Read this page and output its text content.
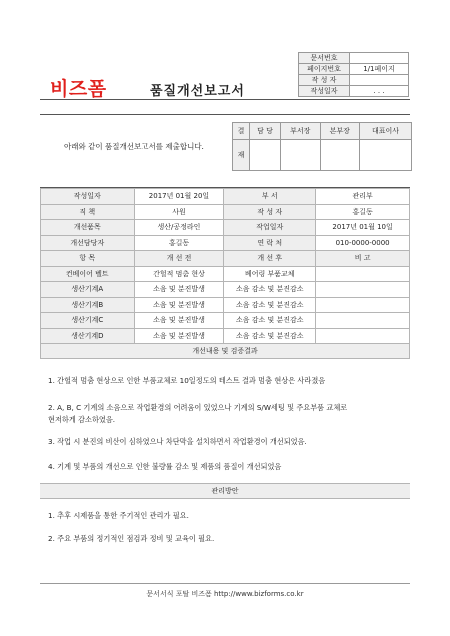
비즈폼	품질개선보고서
문서번호	
페이지번호	1/1페이지
작 성 자	
작성일자	. . .
아래와 같이 품질개선보고서를 제출합니다.
결	담 당	부서장	본부장	대표이사
재				
작성일자	2017년 01월 20일	부 서	관리부
직 책	사원	작 성 자	홍길동
개선품목	생산/공정라인	작업일자	2017년 01월 10일
개선담당자	홍길동	연 락 처	010-0000-0000
항 목	개 선 전	개 선 후	비 고
컨베이어 벨트	간헐적 멈춤 현상	베어링 부품교체	
생산기계A	소음 및 분진발생	소음 감소 및 분진감소	
생산기계B	소음 및 분진발생	소음 감소 및 분진감소	
생산기계C	소음 및 분진발생	소음 감소 및 분진감소	
생산기계D	소음 및 분진발생	소음 감소 및 분진감소	
개선내용 및 검증결과			
1. 간헐적 멈춤 현상으로 인한 부품교체로 10일정도의 테스트 결과 멈춤 현상은 사라졌음
2. A, B, C 기계의 소음으로 작업환경의 어려움이 있었으나 기계의 S/W세팅 및 주요부품 교체로
현저하게 감소하였음.
3. 작업 시 분진의 비산이 심하였으나 차단막을 설치하면서 작업환경이 개선되었음.
4. 기계 및 부품의 개선으로 인한 불량률 감소 및 제품의 품질이 개선되었음
관리방안
1. 추후 시제품을 통한 주기적인 관리가 필요.
2. 주요 부품의 정기적인 점검과 정비 및 교육이 필요.
문서서식 포탈 비즈폼 http://www.bizforms.co.kr
